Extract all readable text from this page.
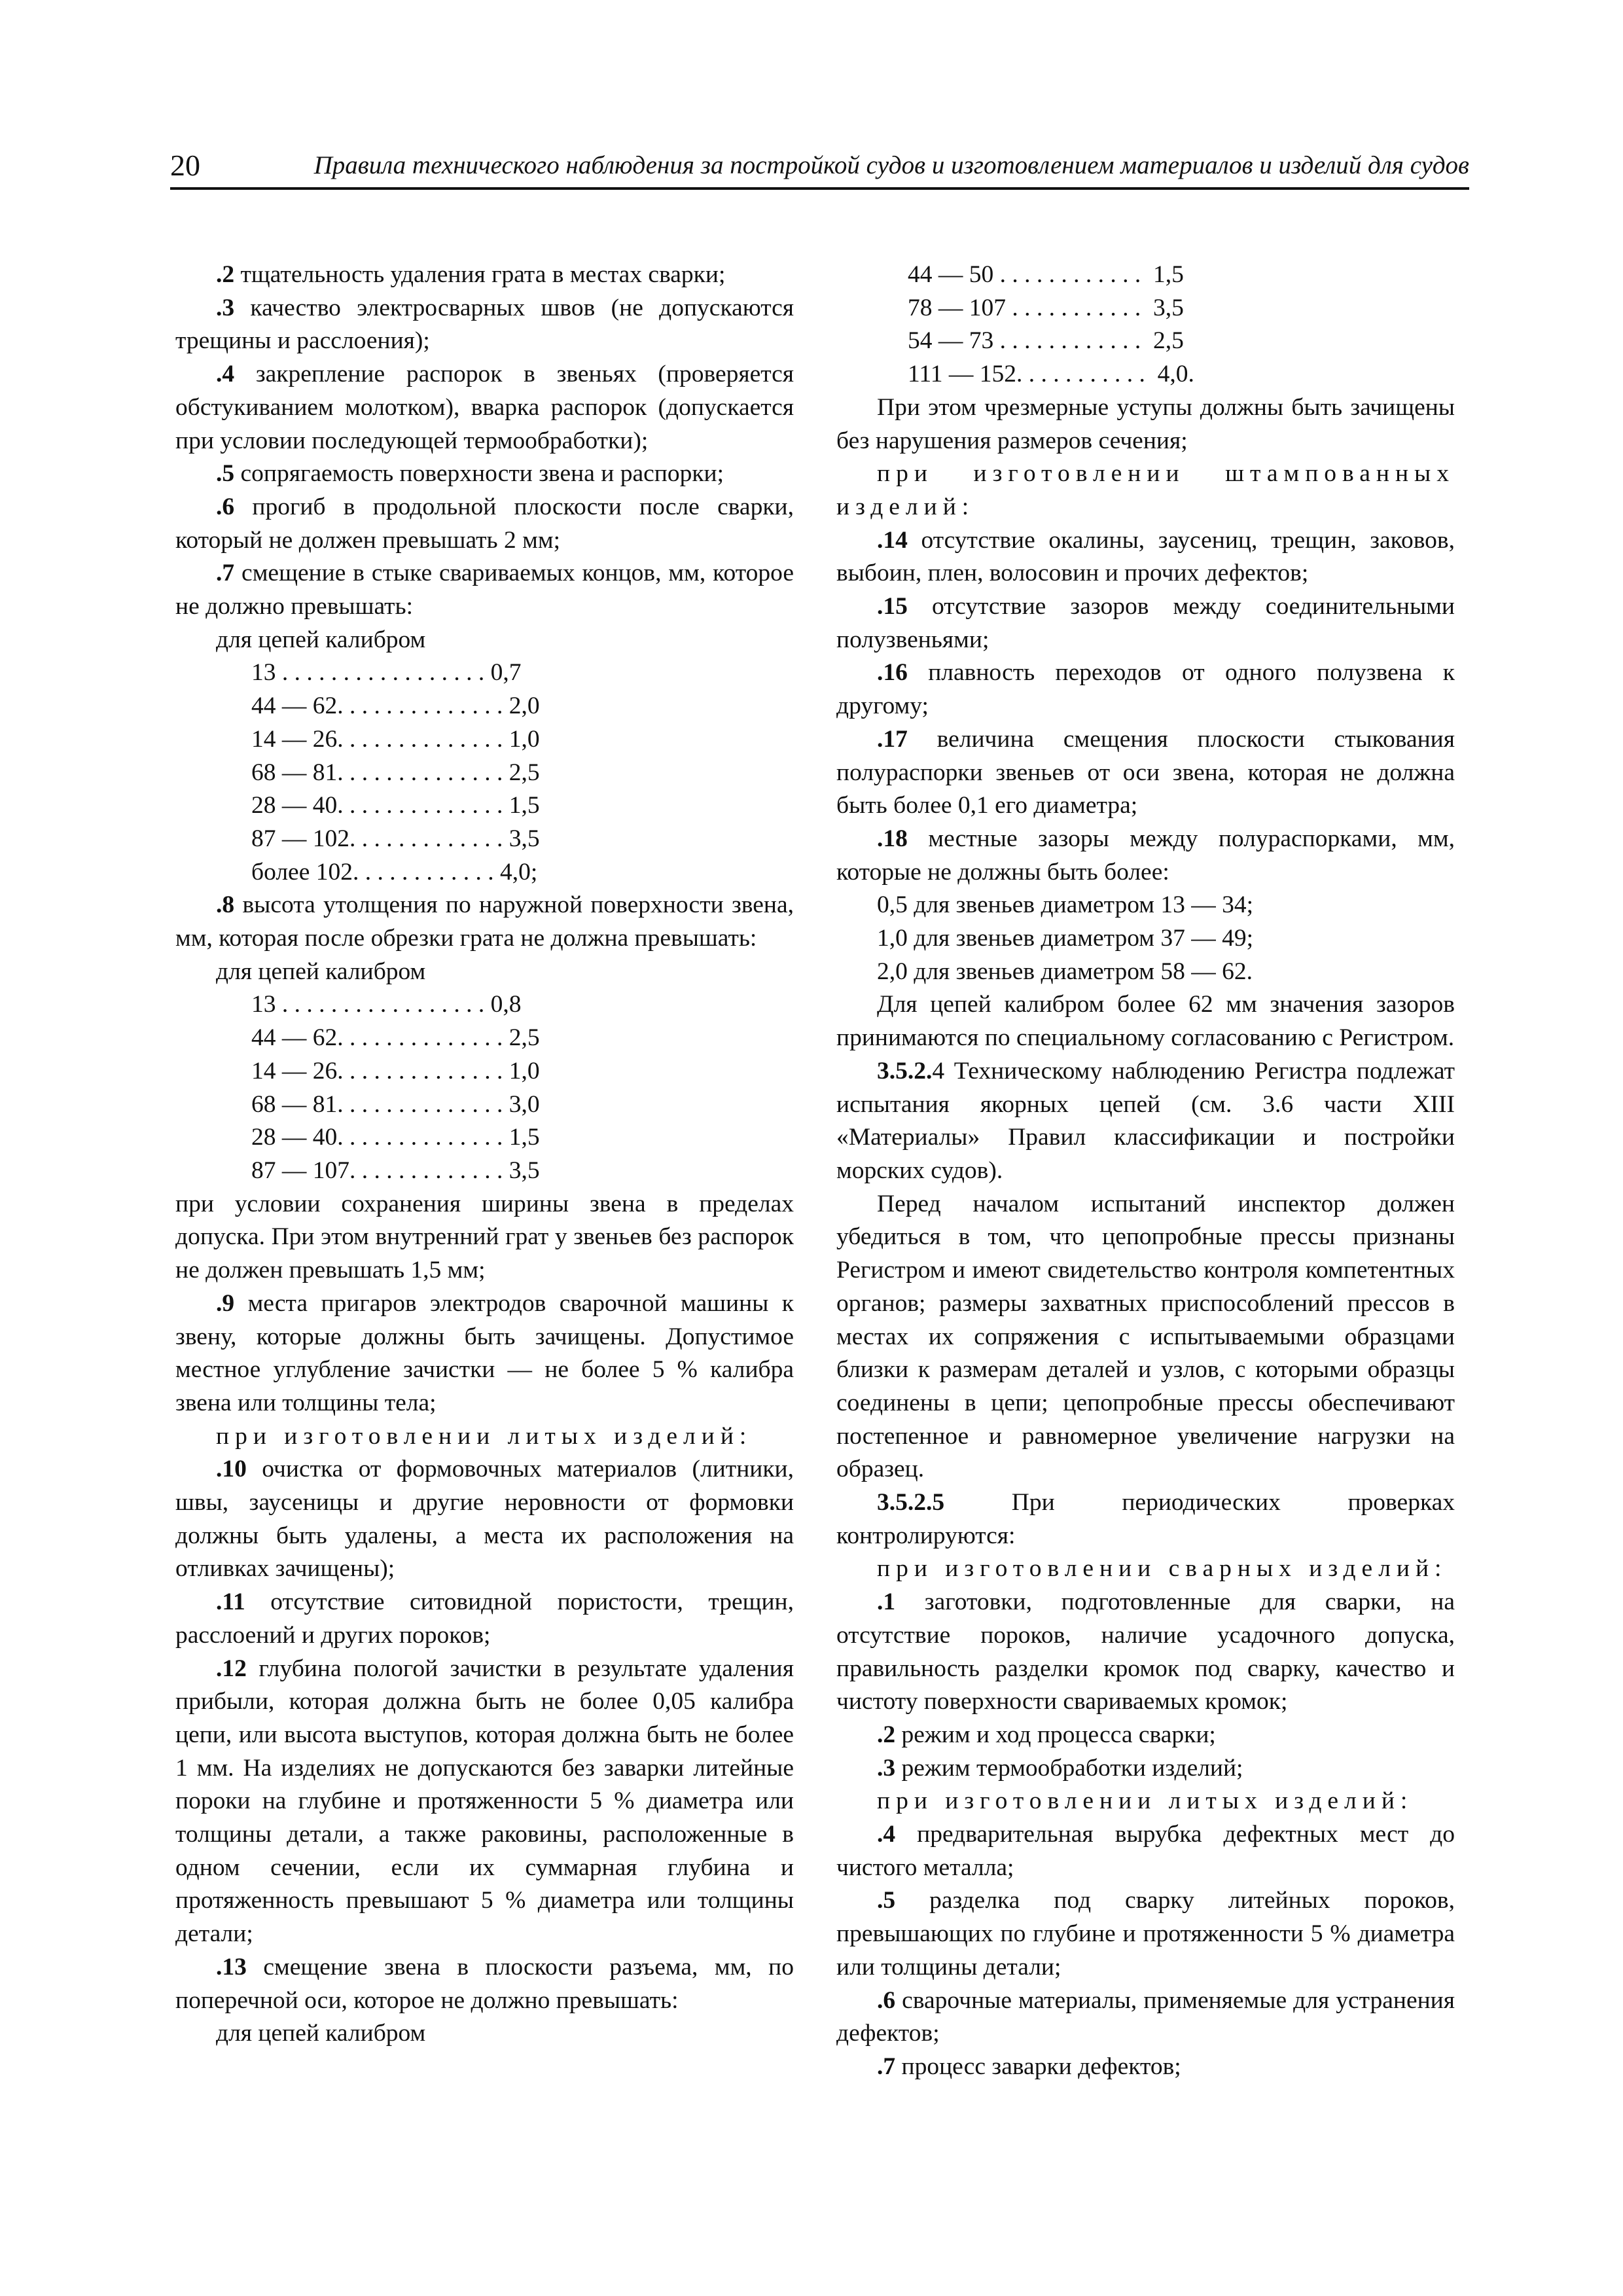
20	Правила технического наблюдения за постройкой судов и изготовлением материалов и изделий для судов

.2 тщательность удаления грата в местах сварки;

.3 качество электросварных швов (не допускаются трещины и расслоения);

.4 закрепление распорок в звеньях (проверяется обстукиванием молотком), вварка распорок (допускается при условии последующей термообработки);

.5 сопрягаемость поверхности звена и распорки;

.6 прогиб в продольной плоскости после сварки, который не должен превышать 2 мм;

.7 смещение в стыке свариваемых концов, мм, которое не должно превышать:

для цепей калибром

13 . . . . . . . . . . . . . . . . . 0,7

44 — 62. . . . . . . . . . . . . . 2,0

14 — 26. . . . . . . . . . . . . . 1,0

68 — 81. . . . . . . . . . . . . . 2,5

28 — 40. . . . . . . . . . . . . . 1,5

87 — 102. . . . . . . . . . . . . 3,5

более 102. . . . . . . . . . . . 4,0;

.8 высота утолщения по наружной поверхности звена, мм, которая после обрезки грата не должна превышать:

для цепей калибром

13 . . . . . . . . . . . . . . . . . 0,8

44 — 62. . . . . . . . . . . . . . 2,5

14 — 26. . . . . . . . . . . . . . 1,0

68 — 81. . . . . . . . . . . . . . 3,0

28 — 40. . . . . . . . . . . . . . 1,5

87 — 107. . . . . . . . . . . . . 3,5

при условии сохранения ширины звена в пределах допуска. При этом внутренний грат у звеньев без распорок не должен превышать 1,5 мм;

.9 места пригаров электродов сварочной машины к звену, которые должны быть зачищены. Допустимое местное углубление зачистки — не более 5 % калибра звена или толщины тела;

при изготовлении литых изделий:

.10 очистка от формовочных материалов (литники, швы, заусеницы и другие неровности от формовки должны быть удалены, а места их расположения на отливках зачищены);

.11 отсутствие ситовидной пористости, трещин, расслоений и других пороков;

.12 глубина пологой зачистки в результате удаления прибыли, которая должна быть не более 0,05 калибра цепи, или высота выступов, которая должна быть не более 1 мм. На изделиях не допускаются без заварки литейные пороки на глубине и протяженности 5 % диаметра или толщины детали, а также раковины, расположенные в одном сечении, если их суммарная глубина и протяженность превышают 5 % диаметра или толщины детали;

.13 смещение звена в плоскости разъема, мм, по поперечной оси, которое не должно превышать:

для цепей калибром

44 — 50 . . . . . . . . . . . .  1,5

78 — 107 . . . . . . . . . . .  3,5

54 — 73 . . . . . . . . . . . .  2,5

111 — 152. . . . . . . . . . .  4,0.

При этом чрезмерные уступы должны быть зачищены без нарушения размеров сечения;

при изготовлении штампованных изделий:

.14 отсутствие окалины, заусениц, трещин, заковов, выбоин, плен, волосовин и прочих дефектов;

.15 отсутствие зазоров между соединительными полузвеньями;

.16 плавность переходов от одного полузвена к другому;

.17 величина смещения плоскости стыкования полураспорки звеньев от оси звена, которая не должна быть более 0,1 его диаметра;

.18 местные зазоры между полураспорками, мм, которые не должны быть более:

0,5 для звеньев диаметром 13 — 34;

1,0 для звеньев диаметром 37 — 49;

2,0 для звеньев диаметром 58 — 62.

Для цепей калибром более 62 мм значения зазоров принимаются по специальному согласованию с Регистром.

3.5.2.4 Техническому наблюдению Регистра подлежат испытания якорных цепей (см. 3.6 части XIII «Материалы» Правил классификации и постройки морских судов).

Перед началом испытаний инспектор должен убедиться в том, что цепопробные прессы признаны Регистром и имеют свидетельство контроля компетентных органов; размеры захватных приспособлений прессов в местах их сопряжения с испытываемыми образцами близки к размерам деталей и узлов, с которыми образцы соединены в цепи; цепопробные прессы обеспечивают постепенное и равномерное увеличение нагрузки на образец.

3.5.2.5 При периодических проверках контролируются:

при изготовлении сварных изделий:

.1 заготовки, подготовленные для сварки, на отсутствие пороков, наличие усадочного допуска, правильность разделки кромок под сварку, качество и чистоту поверхности свариваемых кромок;

.2 режим и ход процесса сварки;

.3 режим термообработки изделий;

при изготовлении литых изделий:

.4 предварительная вырубка дефектных мест до чистого металла;

.5 разделка под сварку литейных пороков, превышающих по глубине и протяженности 5 % диаметра или толщины детали;

.6 сварочные материалы, применяемые для устранения дефектов;

.7 процесс заварки дефектов;
